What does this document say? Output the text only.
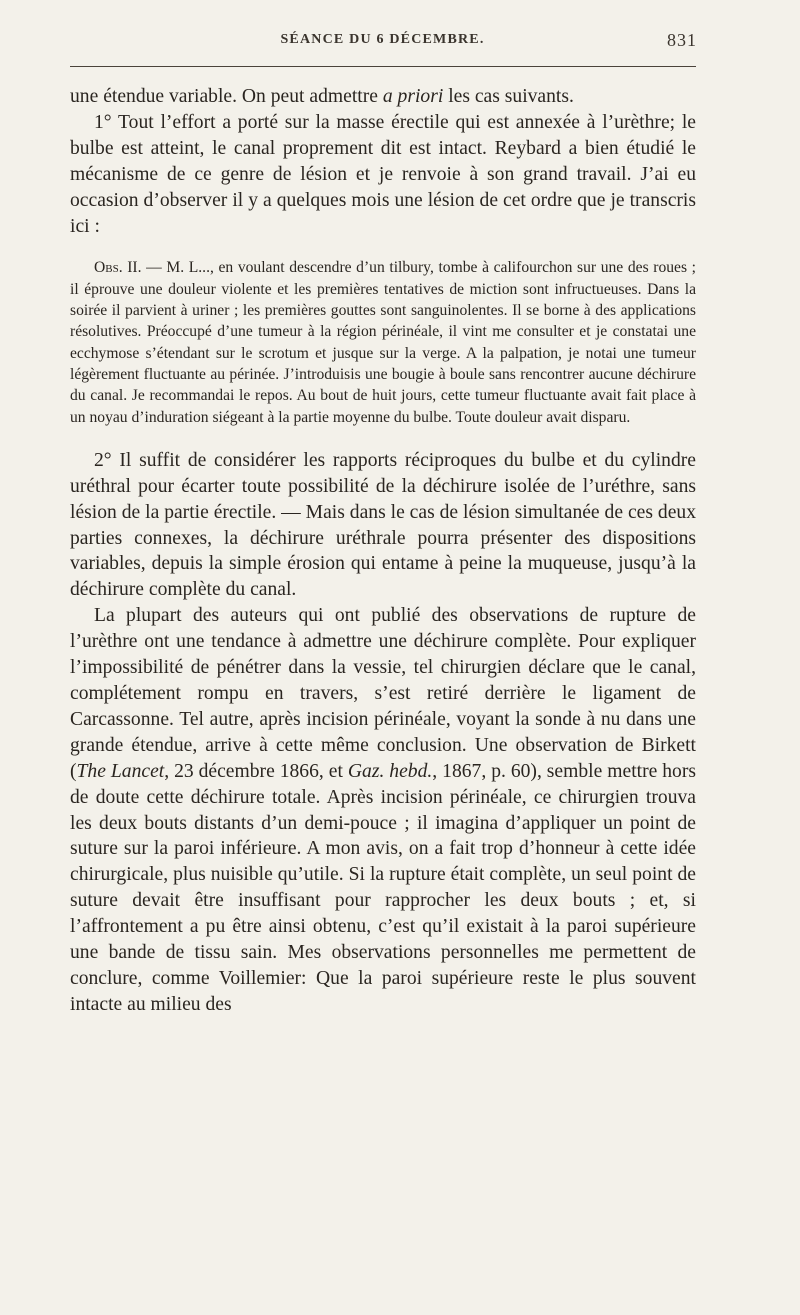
SÉANCE DU 6 DÉCEMBRE.	831

une étendue variable. On peut admettre a priori les cas suivants.

1° Tout l’effort a porté sur la masse érectile qui est annexée à l’urèthre; le bulbe est atteint, le canal proprement dit est intact. Reybard a bien étudié le mécanisme de ce genre de lésion et je renvoie à son grand travail. J’ai eu occasion d’observer il y a quelques mois une lésion de cet ordre que je transcris ici :

Obs. II. — M. L..., en voulant descendre d’un tilbury, tombe à califourchon sur une des roues ; il éprouve une douleur violente et les premières tentatives de miction sont infructueuses. Dans la soirée il parvient à uriner ; les premières gouttes sont sanguinolentes. Il se borne à des applications résolutives. Préoccupé d’une tumeur à la région périnéale, il vint me consulter et je constatai une ecchymose s’étendant sur le scrotum et jusque sur la verge. A la palpation, je notai une tumeur légèrement fluctuante au périnée. J’introduisis une bougie à boule sans rencontrer aucune déchirure du canal. Je recommandai le repos. Au bout de huit jours, cette tumeur fluctuante avait fait place à un noyau d’induration siégeant à la partie moyenne du bulbe. Toute douleur avait disparu.

2° Il suffit de considérer les rapports réciproques du bulbe et du cylindre uréthral pour écarter toute possibilité de la déchirure isolée de l’uréthre, sans lésion de la partie érectile. — Mais dans le cas de lésion simultanée de ces deux parties connexes, la déchirure uréthrale pourra présenter des dispositions variables, depuis la simple érosion qui entame à peine la muqueuse, jusqu’à la déchirure complète du canal.

La plupart des auteurs qui ont publié des observations de rupture de l’urèthre ont une tendance à admettre une déchirure complète. Pour expliquer l’impossibilité de pénétrer dans la vessie, tel chirurgien déclare que le canal, complétement rompu en travers, s’est retiré derrière le ligament de Carcassonne. Tel autre, après incision périnéale, voyant la sonde à nu dans une grande étendue, arrive à cette même conclusion. Une observation de Birkett (The Lancet, 23 décembre 1866, et Gaz. hebd., 1867, p. 60), semble mettre hors de doute cette déchirure totale. Après incision périnéale, ce chirurgien trouva les deux bouts distants d’un demi-pouce ; il imagina d’appliquer un point de suture sur la paroi inférieure. A mon avis, on a fait trop d’honneur à cette idée chirurgicale, plus nuisible qu’utile. Si la rupture était complète, un seul point de suture devait être insuffisant pour rapprocher les deux bouts ; et, si l’affrontement a pu être ainsi obtenu, c’est qu’il existait à la paroi supérieure une bande de tissu sain. Mes observations personnelles me permettent de conclure, comme Voillemier: Que la paroi supérieure reste le plus souvent intacte au milieu des
